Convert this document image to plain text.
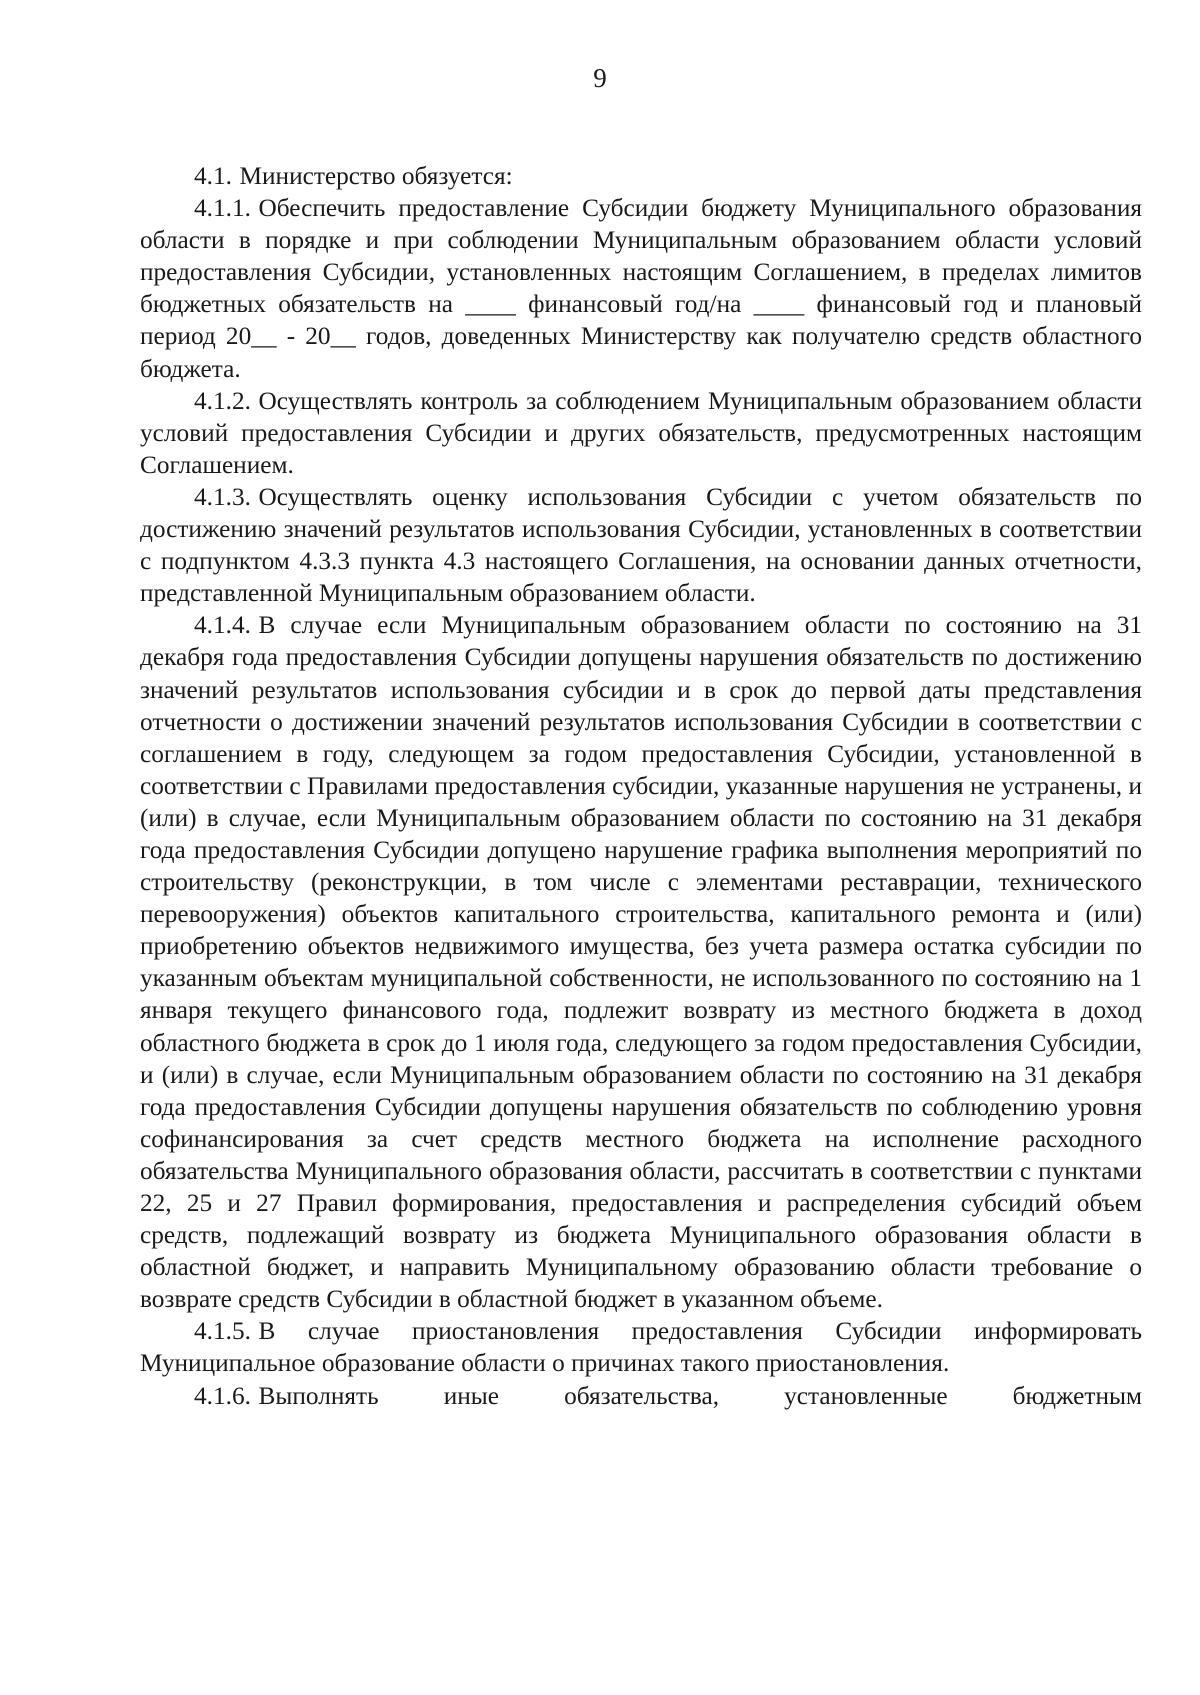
9

4.1. Министерство обязуется:

4.1.1. Обеспечить предоставление Субсидии бюджету Муниципального образования области в порядке и при соблюдении Муниципальным образованием области условий предоставления Субсидии, установленных настоящим Соглашением, в пределах лимитов бюджетных обязательств на ____ финансовый год/на ____ финансовый год и плановый период 20__ - 20__ годов, доведенных Министерству как получателю средств областного бюджета.

4.1.2. Осуществлять контроль за соблюдением Муниципальным образованием области условий предоставления Субсидии и других обязательств, предусмотренных настоящим Соглашением.

4.1.3. Осуществлять оценку использования Субсидии с учетом обязательств по достижению значений результатов использования Субсидии, установленных в соответствии с подпунктом 4.3.3 пункта 4.3 настоящего Соглашения, на основании данных отчетности, представленной Муниципальным образованием области.

4.1.4. В случае если Муниципальным образованием области по состоянию на 31 декабря года предоставления Субсидии допущены нарушения обязательств по достижению значений результатов использования субсидии и в срок до первой даты представления отчетности о достижении значений результатов использования Субсидии в соответствии с соглашением в году, следующем за годом предоставления Субсидии, установленной в соответствии с Правилами предоставления субсидии, указанные нарушения не устранены, и (или) в случае, если Муниципальным образованием области по состоянию на 31 декабря года предоставления Субсидии допущено нарушение графика выполнения мероприятий по строительству (реконструкции, в том числе с элементами реставрации, технического перевооружения) объектов капитального строительства, капитального ремонта и (или) приобретению объектов недвижимого имущества, без учета размера остатка субсидии по указанным объектам муниципальной собственности, не использованного по состоянию на 1 января текущего финансового года, подлежит возврату из местного бюджета в доход областного бюджета в срок до 1 июля года, следующего за годом предоставления Субсидии, и (или) в случае, если Муниципальным образованием области по состоянию на 31 декабря года предоставления Субсидии допущены нарушения обязательств по соблюдению уровня софинансирования за счет средств местного бюджета на исполнение расходного обязательства Муниципального образования области, рассчитать в соответствии с пунктами 22, 25 и 27 Правил формирования, предоставления и распределения субсидий объем средств, подлежащий возврату из бюджета Муниципального образования области в областной бюджет, и направить Муниципальному образованию области требование о возврате средств Субсидии в областной бюджет в указанном объеме.

4.1.5. В случае приостановления предоставления Субсидии информировать Муниципальное образование области о причинах такого приостановления.

4.1.6. Выполнять иные обязательства, установленные бюджетным
